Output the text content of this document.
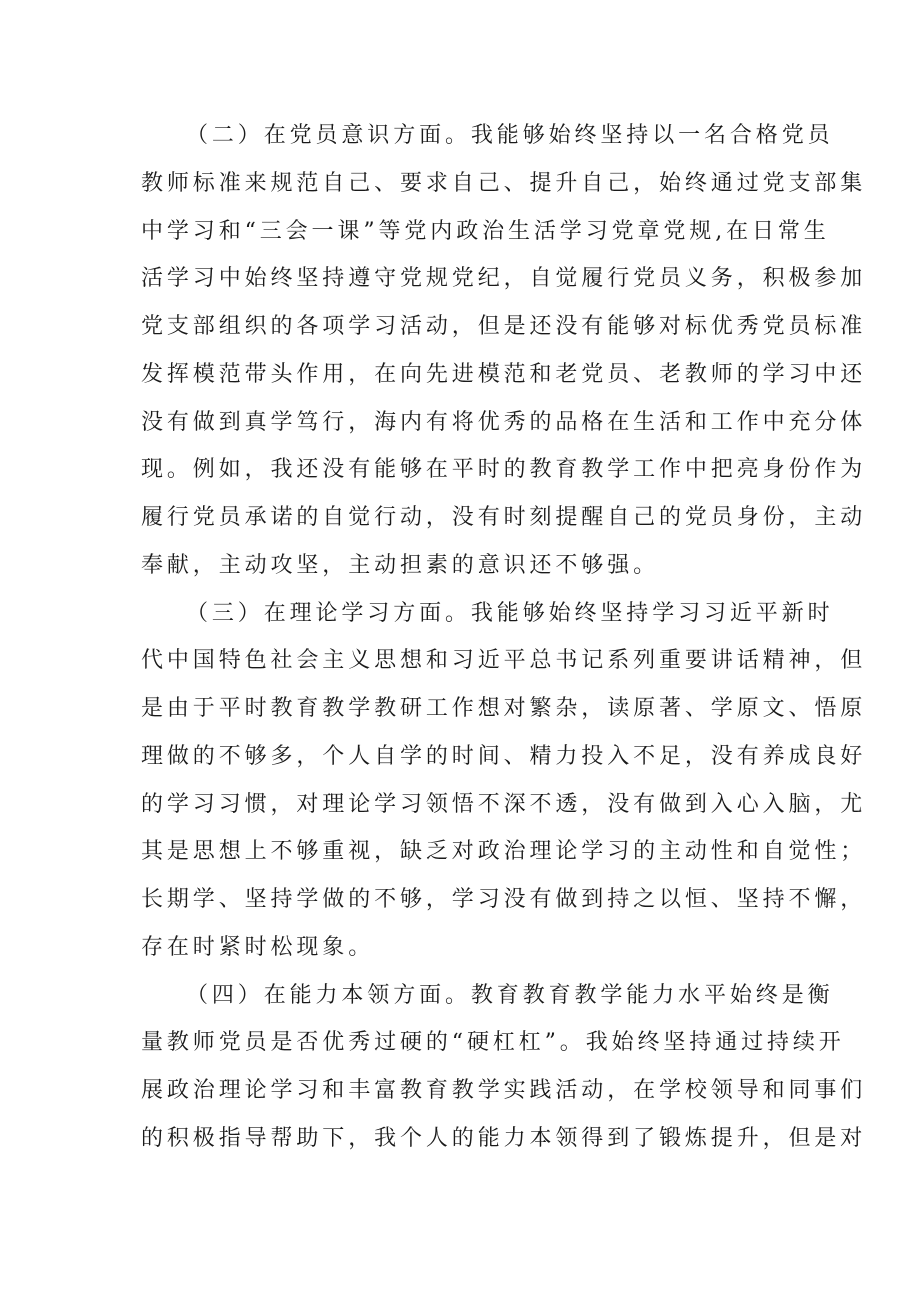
（二）在党员意识方面。我能够始终坚持以一名合格党员
教师标准来规范自己、要求自己、提升自己，始终通过党支部集
中学习和“三会一课”等党内政治生活学习党章党规,在日常生
活学习中始终坚持遵守党规党纪，自觉履行党员义务，积极参加
党支部组织的各项学习活动，但是还没有能够对标优秀党员标准
发挥模范带头作用，在向先进模范和老党员、老教师的学习中还
没有做到真学笃行，海内有将优秀的品格在生活和工作中充分体
现。例如，我还没有能够在平时的教育教学工作中把亮身份作为
履行党员承诺的自觉行动，没有时刻提醒自己的党员身份，主动
奉献，主动攻坚，主动担素的意识还不够强。
（三）在理论学习方面。我能够始终坚持学习习近平新时
代中国特色社会主义思想和习近平总书记系列重要讲话精神，但
是由于平时教育教学教研工作想对繁杂，读原著、学原文、悟原
理做的不够多，个人自学的时间、精力投入不足，没有养成良好
的学习习惯，对理论学习领悟不深不透，没有做到入心入脑，尤
其是思想上不够重视，缺乏对政治理论学习的主动性和自觉性；
长期学、坚持学做的不够，学习没有做到持之以恒、坚持不懈，
存在时紧时松现象。
（四）在能力本领方面。教育教育教学能力水平始终是衡
量教师党员是否优秀过硬的“硬杠杠”。我始终坚持通过持续开
展政治理论学习和丰富教育教学实践活动，在学校领导和同事们
的积极指导帮助下，我个人的能力本领得到了锻炼提升，但是对
